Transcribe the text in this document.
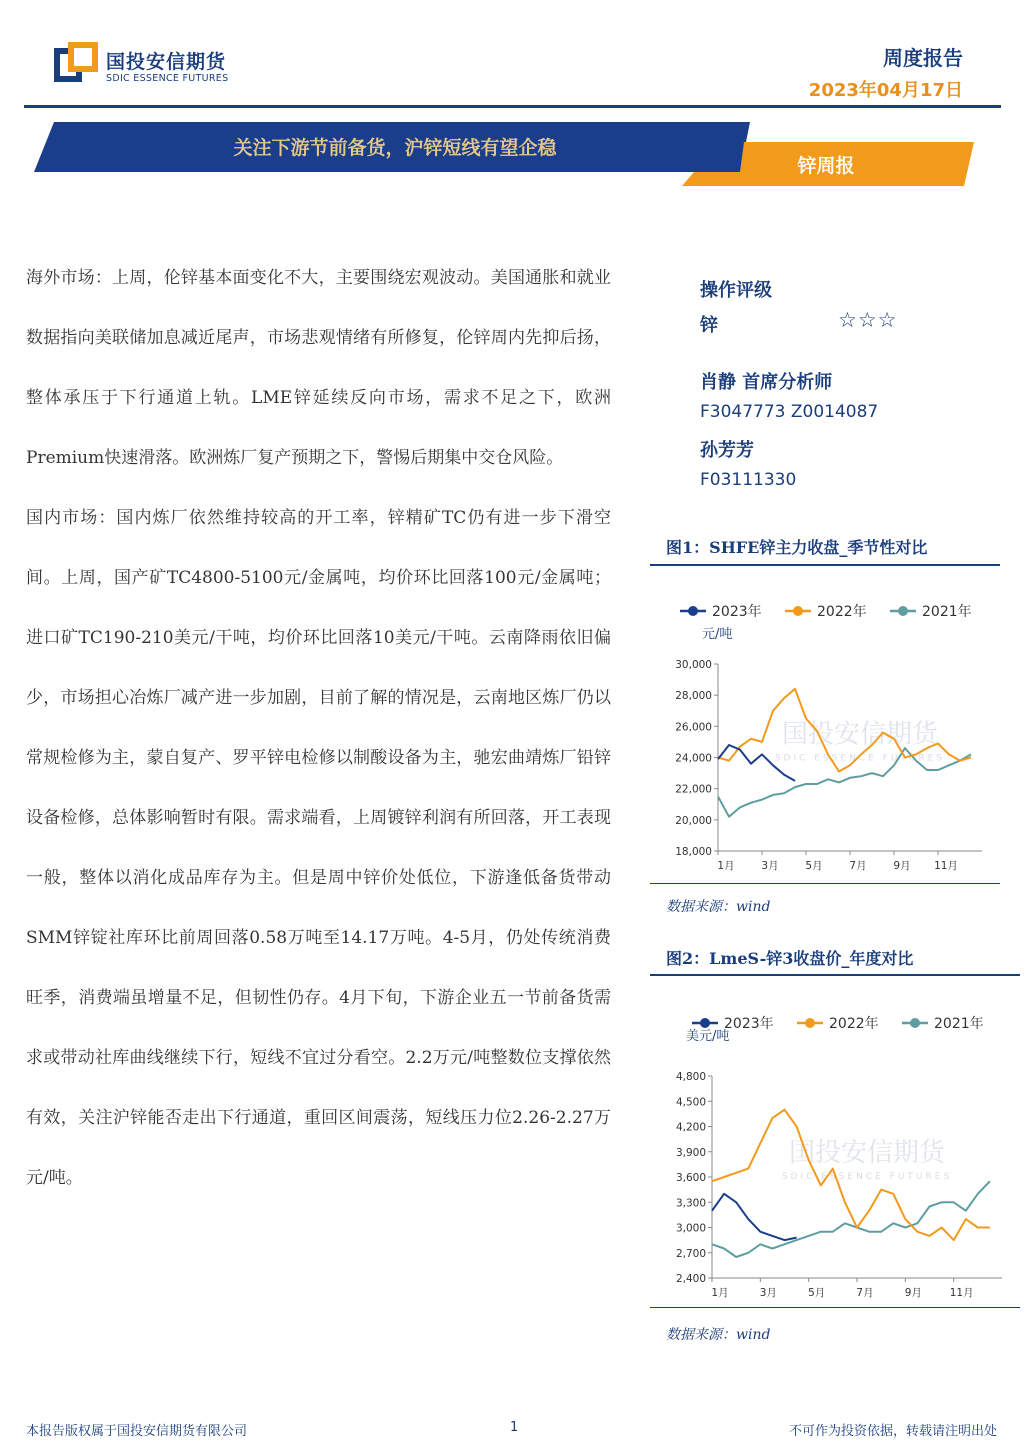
国投安信期货
SDIC ESSENCE FUTURES
周度报告
2023年04月17日
关注下游节前备货，沪锌短线有望企稳
锌周报

海外市场：上周，伦锌基本面变化不大，主要围绕宏观波动。美国通胀和就业数据指向美联储加息减近尾声，市场悲观情绪有所修复，伦锌周内先抑后扬，整体承压于下行通道上轨。LME锌延续反向市场，需求不足之下，欧洲Premium快速滑落。欧洲炼厂复产预期之下，警惕后期集中交仓风险。

国内市场：国内炼厂依然维持较高的开工率，锌精矿TC仍有进一步下滑空间。上周，国产矿TC4800-5100元/金属吨，均价环比回落100元/金属吨；进口矿TC190-210美元/干吨，均价环比回落10美元/干吨。云南降雨依旧偏少，市场担心冶炼厂减产进一步加剧，目前了解的情况是，云南地区炼厂仍以常规检修为主，蒙自复产、罗平锌电检修以制酸设备为主，驰宏曲靖炼厂铅锌设备检修，总体影响暂时有限。需求端看，上周镀锌利润有所回落，开工表现一般，整体以消化成品库存为主。但是周中锌价处低位，下游逢低备货带动SMM锌锭社库环比前周回落0.58万吨至14.17万吨。4-5月，仍处传统消费旺季，消费端虽增量不足，但韧性仍存。4月下旬，下游企业五一节前备货需求或带动社库曲线继续下行，短线不宜过分看空。2.2万元/吨整数位支撑依然有效，关注沪锌能否走出下行通道，重回区间震荡，短线压力位2.26-2.27万元/吨。

操作评级
锌	☆☆☆
肖静 首席分析师
F3047773 Z0014087
孙芳芳
F03111330
图1：SHFE锌主力收盘_季节性对比
国投安信期货
SDIC ESSENCE FUTURES
30,000
28,000
26,000
24,000
22,000
20,000
18,000
1月	3月	5月	7月	9月 11月
元/吨
2023年	2022年	2021年
数据来源：wind
图2：LmeS-锌3收盘价_年度对比
国投安信期货
SDIC ESSENCE FUTURES
4,800
4,500
4,200
3,900
3,600
3,300
3,000
2,700
2,400
1月	3月	5月	7月	9月	11月
美元/吨
2023年	2022年	2021年
数据来源：wind
本报告版权属于国投安信期货有限公司	1	不可作为投资依据，转载请注明出处
